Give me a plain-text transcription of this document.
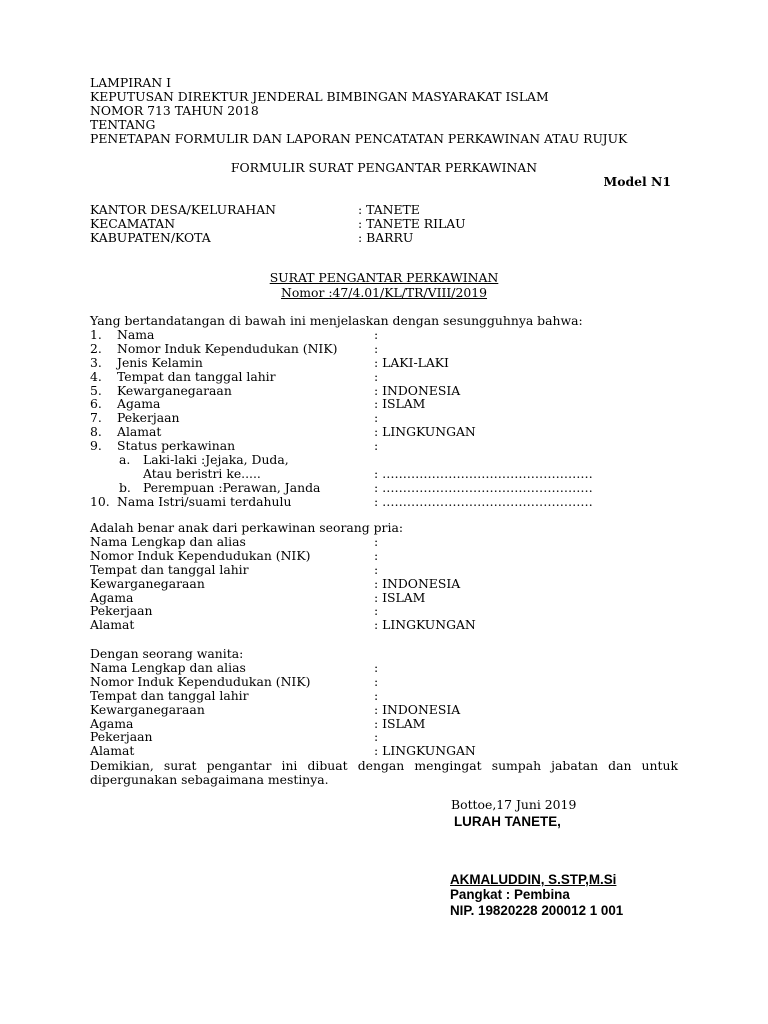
LAMPIRAN I
KEPUTUSAN DIREKTUR JENDERAL BIMBINGAN MASYARAKAT ISLAM
NOMOR 713 TAHUN 2018
TENTANG
PENETAPAN FORMULIR DAN LAPORAN PENCATATAN PERKAWINAN ATAU RUJUK
FORMULIR SURAT PENGANTAR PERKAWINAN
Model N1
KANTOR DESA/KELURAHAN	: TANETE
KECAMATAN	: TANETE RILAU
KABUPATEN/KOTA	: BARRU
SURAT PENGANTAR PERKAWINAN
Nomor :47/4.01/KL/TR/VIII/2019
Yang bertandatangan di bawah ini menjelaskan dengan sesungguhnya bahwa:
1. Nama	:
2. Nomor Induk Kependudukan (NIK)	:
3. Jenis Kelamin	: LAKI-LAKI
4. Tempat dan tanggal lahir	:
5. Kewarganegaraan	: INDONESIA
6. Agama	: ISLAM
7. Pekerjaan	:
8. Alamat	: LINGKUNGAN
9. Status perkawinan	:
a. Laki-laki :Jejaka, Duda,
Atau beristri ke.....	: ……………………………………………
b. Perempuan :Perawan, Janda	: ……………………………………………
10. Nama Istri/suami terdahulu	: ……………………………………………
Adalah benar anak dari perkawinan seorang pria:
Nama Lengkap dan alias	:
Nomor Induk Kependudukan (NIK)	:
Tempat dan tanggal lahir	:
Kewarganegaraan	: INDONESIA
Agama	: ISLAM
Pekerjaan	:
Alamat	: LINGKUNGAN
Dengan seorang wanita:
Nama Lengkap dan alias	:
Nomor Induk Kependudukan (NIK)	:
Tempat dan tanggal lahir	:
Kewarganegaraan	: INDONESIA
Agama	: ISLAM
Pekerjaan	:
Alamat	: LINGKUNGAN
Demikian, surat pengantar ini dibuat dengan mengingat sumpah jabatan dan untuk dipergunakan sebagaimana mestinya.
Bottoe,17 Juni 2019
LURAH TANETE,
AKMALUDDIN, S.STP,M.Si
Pangkat : Pembina
NIP. 19820228 200012 1 001
